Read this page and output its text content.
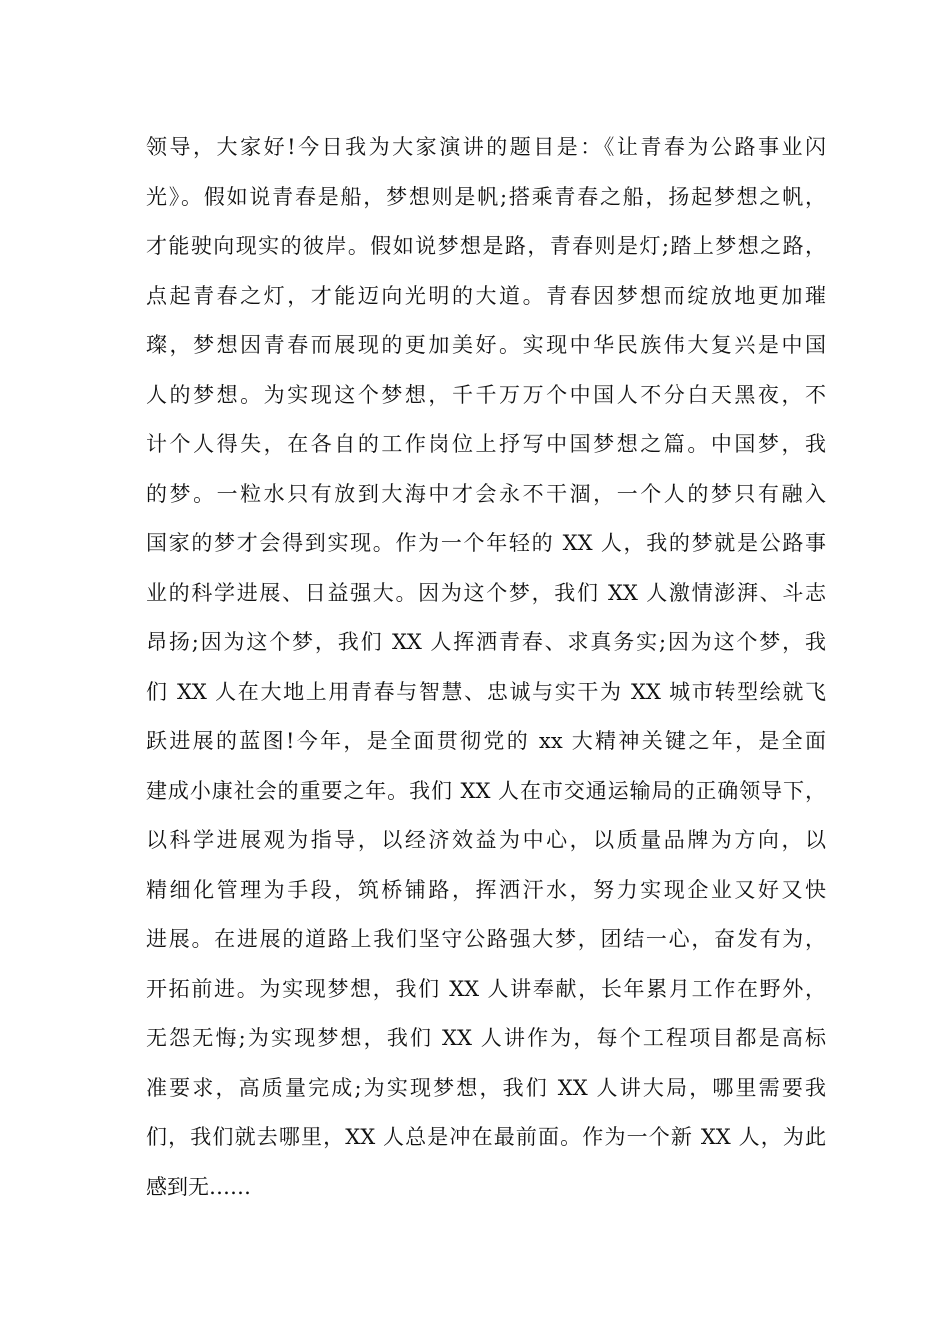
领导，大家好!今日我为大家演讲的题目是：《让青春为公路事业闪
光》。假如说青春是船，梦想则是帆;搭乘青春之船，扬起梦想之帆，
才能驶向现实的彼岸。假如说梦想是路，青春则是灯;踏上梦想之路，
点起青春之灯，才能迈向光明的大道。青春因梦想而绽放地更加璀
璨，梦想因青春而展现的更加美好。实现中华民族伟大复兴是中国
人的梦想。为实现这个梦想，千千万万个中国人不分白天黑夜，不
计个人得失，在各自的工作岗位上抒写中国梦想之篇。中国梦，我
的梦。一粒水只有放到大海中才会永不干涸，一个人的梦只有融入
国家的梦才会得到实现。作为一个年轻的 XX 人，我的梦就是公路事
业的科学进展、日益强大。因为这个梦，我们 XX 人激情澎湃、斗志
昂扬;因为这个梦，我们 XX 人挥洒青春、求真务实;因为这个梦，我
们 XX 人在大地上用青春与智慧、忠诚与实干为 XX 城市转型绘就飞
跃进展的蓝图!今年，是全面贯彻党的 xx 大精神关键之年，是全面
建成小康社会的重要之年。我们 XX 人在市交通运输局的正确领导下，
以科学进展观为指导，以经济效益为中心，以质量品牌为方向，以
精细化管理为手段，筑桥铺路，挥洒汗水，努力实现企业又好又快
进展。在进展的道路上我们坚守公路强大梦，团结一心，奋发有为，
开拓前进。为实现梦想，我们 XX 人讲奉献，长年累月工作在野外，
无怨无悔;为实现梦想，我们 XX 人讲作为，每个工程项目都是高标
准要求，高质量完成;为实现梦想，我们 XX 人讲大局，哪里需要我
们，我们就去哪里，XX 人总是冲在最前面。作为一个新 XX 人，为此
感到无……
